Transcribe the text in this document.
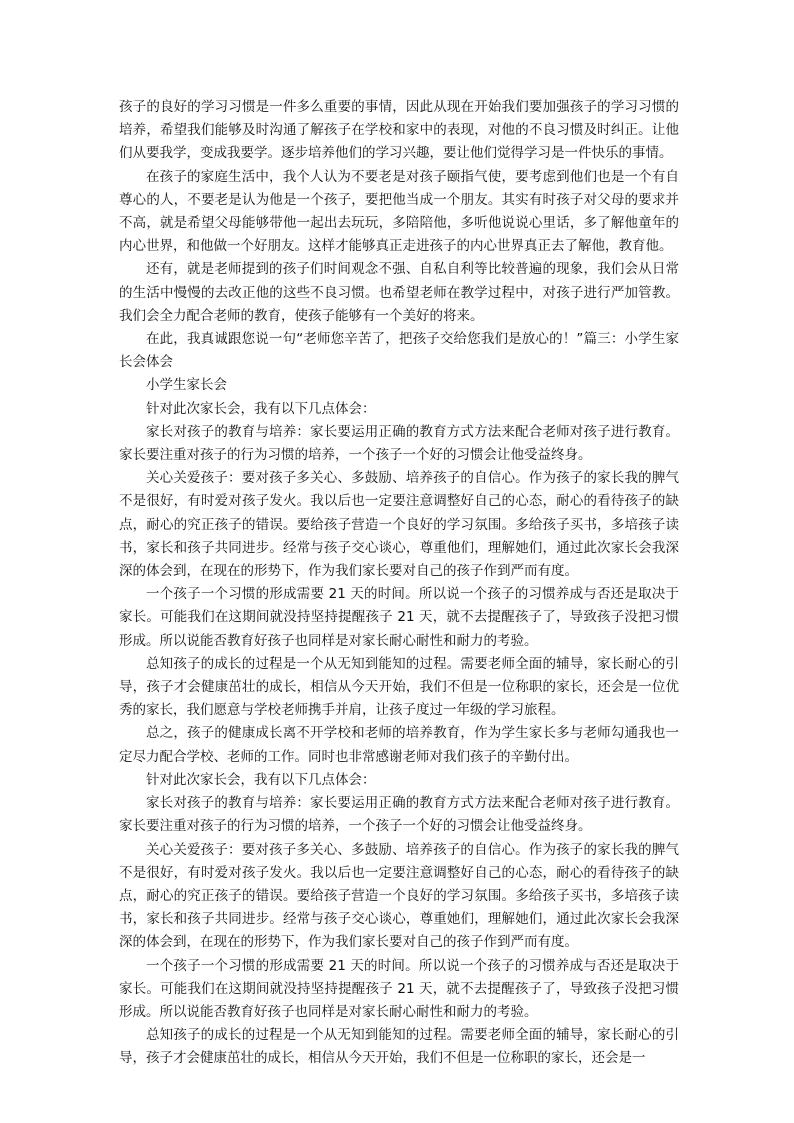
孩子的良好的学习习惯是一件多么重要的事情，因此从现在开始我们要加强孩子的学习习惯的培养，希望我们能够及时沟通了解孩子在学校和家中的表现，对他的不良习惯及时纠正。让他们从要我学，变成我要学。逐步培养他们的学习兴趣，要让他们觉得学习是一件快乐的事情。

在孩子的家庭生活中，我个人认为不要老是对孩子颐指气使，要考虑到他们也是一个有自尊心的人，不要老是认为他是一个孩子，要把他当成一个朋友。其实有时孩子对父母的要求并不高，就是希望父母能够带他一起出去玩玩，多陪陪他，多听他说说心里话，多了解他童年的内心世界，和他做一个好朋友。这样才能够真正走进孩子的内心世界真正去了解他，教育他。

还有，就是老师提到的孩子们时间观念不强、自私自利等比较普遍的现象，我们会从日常的生活中慢慢的去改正他的这些不良习惯。也希望老师在教学过程中，对孩子进行严加管教。我们会全力配合老师的教育，使孩子能够有一个美好的将来。

在此，我真诚跟您说一句“老师您辛苦了，把孩子交给您我们是放心的！”篇三：小学生家长会体会

小学生家长会

针对此次家长会，我有以下几点体会：

家长对孩子的教育与培养：家长要运用正确的教育方式方法来配合老师对孩子进行教育。家长要注重对孩子的行为习惯的培养，一个孩子一个好的习惯会让他受益终身。

关心关爱孩子：要对孩子多关心、多鼓励、培养孩子的自信心。作为孩子的家长我的脾气不是很好，有时爱对孩子发火。我以后也一定要注意调整好自己的心态，耐心的看待孩子的缺点，耐心的究正孩子的错误。要给孩子营造一个良好的学习氛围。多给孩子买书，多培孩子读书，家长和孩子共同进步。经常与孩子交心谈心，尊重他们，理解她们，通过此次家长会我深深的体会到，在现在的形势下，作为我们家长要对自己的孩子作到严而有度。

一个孩子一个习惯的形成需要 21 天的时间。所以说一个孩子的习惯养成与否还是取决于家长。可能我们在这期间就没持坚持提醒孩子 21 天，就不去提醒孩子了，导致孩子没把习惯形成。所以说能否教育好孩子也同样是对家长耐心耐性和耐力的考验。

总知孩子的成长的过程是一个从无知到能知的过程。需要老师全面的辅导，家长耐心的引导，孩子才会健康茁壮的成长，相信从今天开始，我们不但是一位称职的家长，还会是一位优秀的家长，我们愿意与学校老师携手并肩，让孩子度过一年级的学习旅程。

总之，孩子的健康成长离不开学校和老师的培养教育，作为学生家长多与老师勾通我也一定尽力配合学校、老师的工作。同时也非常感谢老师对我们孩子的辛勤付出。

针对此次家长会，我有以下几点体会：

家长对孩子的教育与培养：家长要运用正确的教育方式方法来配合老师对孩子进行教育。家长要注重对孩子的行为习惯的培养，一个孩子一个好的习惯会让他受益终身。

关心关爱孩子：要对孩子多关心、多鼓励、培养孩子的自信心。作为孩子的家长我的脾气不是很好，有时爱对孩子发火。我以后也一定要注意调整好自己的心态，耐心的看待孩子的缺点，耐心的究正孩子的错误。要给孩子营造一个良好的学习氛围。多给孩子买书，多培孩子读书，家长和孩子共同进步。经常与孩子交心谈心，尊重她们，理解她们，通过此次家长会我深深的体会到，在现在的形势下，作为我们家长要对自己的孩子作到严而有度。

一个孩子一个习惯的形成需要 21 天的时间。所以说一个孩子的习惯养成与否还是取决于家长。可能我们在这期间就没持坚持提醒孩子 21 天，就不去提醒孩子了，导致孩子没把习惯形成。所以说能否教育好孩子也同样是对家长耐心耐性和耐力的考验。

总知孩子的成长的过程是一个从无知到能知的过程。需要老师全面的辅导，家长耐心的引导，孩子才会健康茁壮的成长，相信从今天开始，我们不但是一位称职的家长，还会是一
